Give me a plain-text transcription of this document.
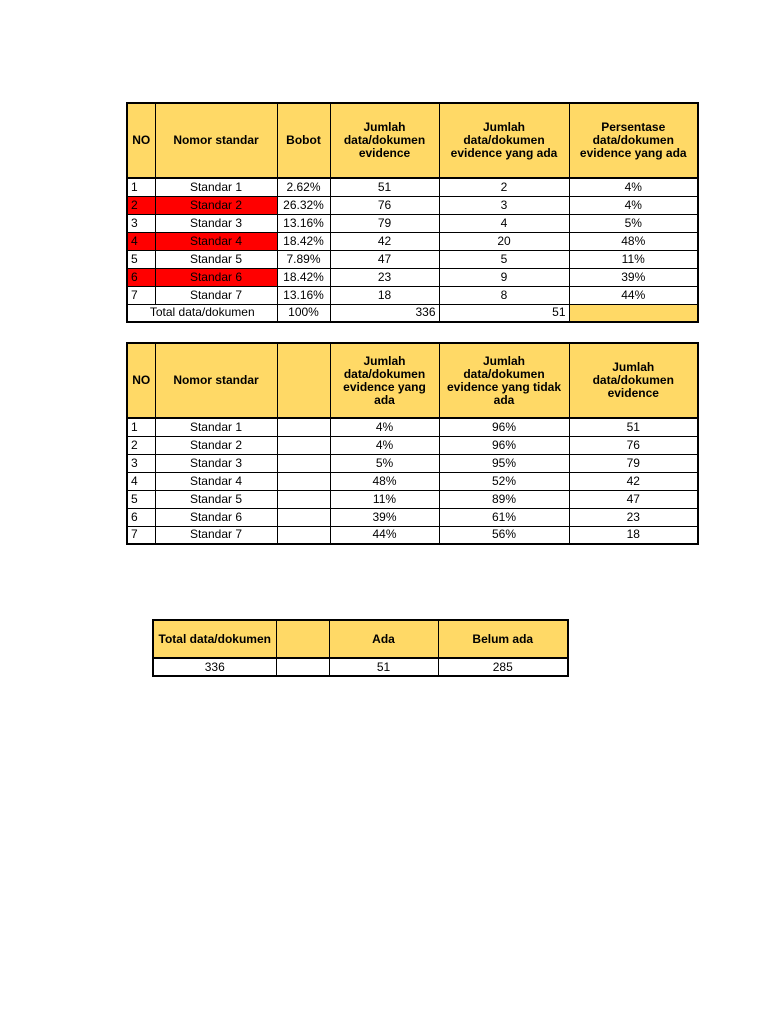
NO	Nomor standar	Bobot	Jumlah data/dokumen evidence	Jumlah data/dokumen evidence yang ada	Persentase data/dokumen evidence yang ada
1	Standar 1	2.62%	51	2	4%
2	Standar 2	26.32%	76	3	4%
3	Standar 3	13.16%	79	4	5%
4	Standar 4	18.42%	42	20	48%
5	Standar 5	7.89%	47	5	11%
6	Standar 6	18.42%	23	9	39%
7	Standar 7	13.16%	18	8	44%
Total data/dokumen		100%	336	51	
NO	Nomor standar		Jumlah data/dokumen evidence yang ada	Jumlah data/dokumen evidence yang tidak ada	Jumlah data/dokumen evidence
1	Standar 1		4%	96%	51
2	Standar 2		4%	96%	76
3	Standar 3		5%	95%	79
4	Standar 4		48%	52%	42
5	Standar 5		11%	89%	47
6	Standar 6		39%	61%	23
7	Standar 7		44%	56%	18
Total data/dokumen		Ada	Belum ada
336		51	285
